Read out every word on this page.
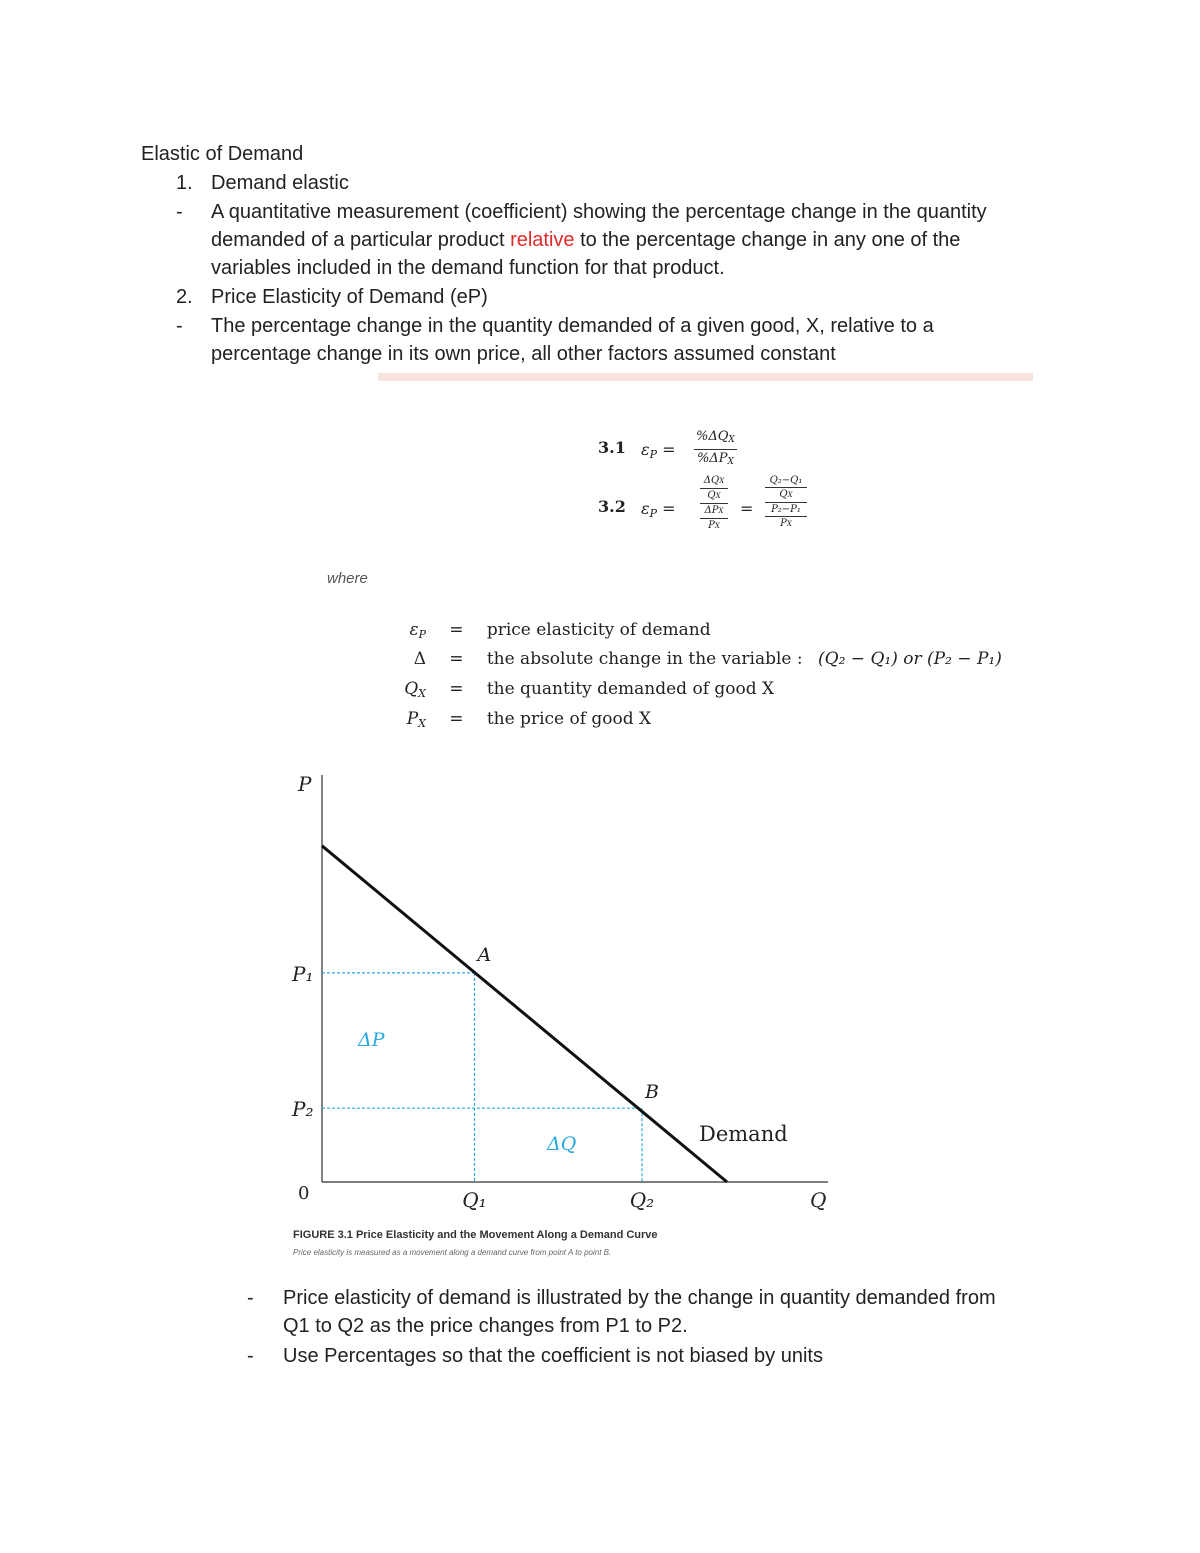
Elastic of Demand
1. Demand elastic
- A quantitative measurement (coefficient) showing the percentage change in the quantity
demanded of a particular product relative to the percentage change in any one of the
variables included in the demand function for that product.
2. Price Elasticity of Demand (eP)
- The percentage change in the quantity demanded of a given good, X, relative to a
percentage change in its own price, all other factors assumed constant
3.1 εP =
%ΔQX
%ΔPX
3.2 εP =
ΔQX
QX
ΔPX
PX
=
Q₂−Q₁
QX
P₂−P₁
PX
where
εP = price elasticity of demand
Δ = the absolute change in the variable : (Q₂ − Q₁) or (P₂ − P₁)
QX = the quantity demanded of good X
PX = the price of good X
P
Q
0
P₁
P₂
Q₁	Q₂
A
B
ΔP
ΔQ	Demand
FIGURE 3.1 Price Elasticity and the Movement Along a Demand Curve
Price elasticity is measured as a movement along a demand curve from point A to point B.
- Price elasticity of demand is illustrated by the change in quantity demanded from
Q1 to Q2 as the price changes from P1 to P2.
- Use Percentages so that the coefficient is not biased by units
